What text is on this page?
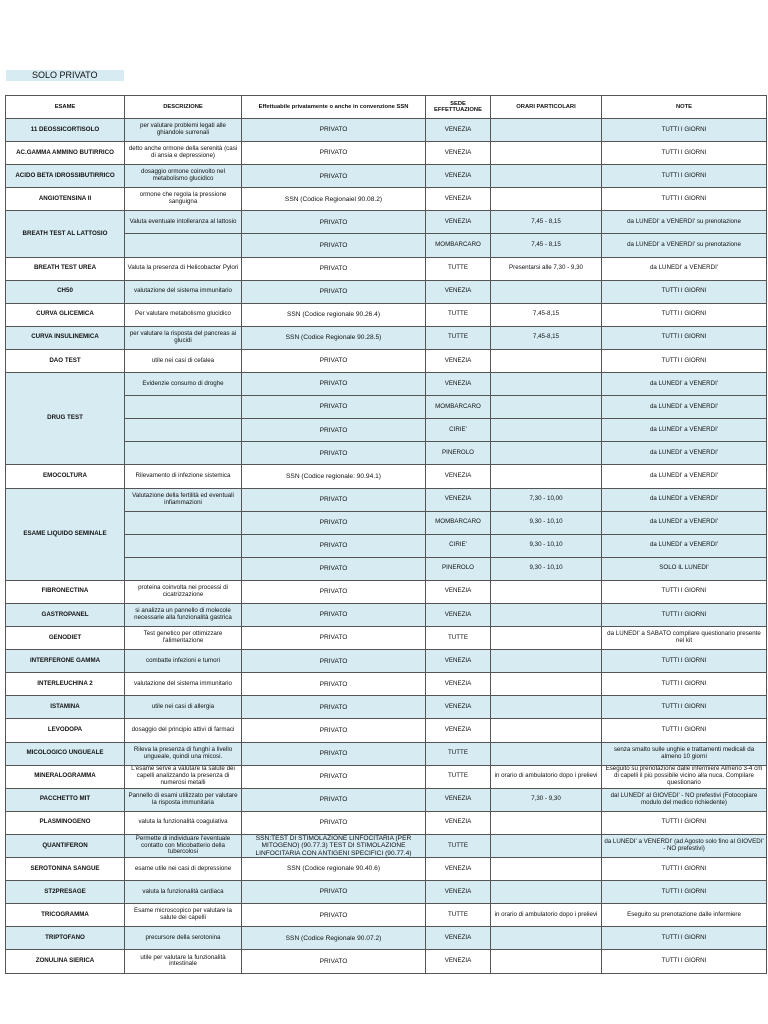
SOLO PRIVATO
ESAME	DESCRIZIONE	Effettuabile privatamente o anche in convenzione SSN	SEDE EFFETTUAZIONE	ORARI PARTICOLARI	NOTE
11 DEOSSICORTISOLO	per valutare problemi legati alle ghiandole surrenali	PRIVATO	VENEZIA		TUTTI I GIORNI
AC.GAMMA AMMINO BUTIRRICO	detto anche ormone della serenità (casi di ansia e depressione)	PRIVATO	VENEZIA		TUTTI I GIORNI
ACIDO BETA IDROSSIBUTIRRICO	dosaggio ormone coinvolto nel metabolismo glucidico	PRIVATO	VENEZIA		TUTTI I GIORNI
ANGIOTENSINA II	ormone che regola la pressione sanguigna	SSN (Codice Regionaiel 90.08.2)	VENEZIA		TUTTI I GIORNI
BREATH TEST AL LATTOSIO	Valuta eventuale intolleranza al lattosio	PRIVATO	VENEZIA	7,45 - 8,15	da LUNEDI' a VENERDI' su prenotazione
		PRIVATO	MOMBARCARO	7,45 - 8,15	da LUNEDI' a VENERDI' su prenotazione
BREATH TEST UREA	Valuta la presenza di Helicobacter Pylori	PRIVATO	TUTTE	Presentarsi alle 7,30 - 9,30	da LUNEDI' a VENERDI'
CH50	valutazione del sistema immunitario	PRIVATO	VENEZIA		TUTTI I GIORNI
CURVA GLICEMICA	Per valutare metabolismo glucidico	SSN (Codice regionale 90.26.4)	TUTTE	7,45-8,15	TUTTI I GIORNI
CURVA INSULINEMICA	per valutare la risposta del pancreas ai glucidi	SSN (Codice Regionale 90.28.5)	TUTTE	7,45-8,15	TUTTI I GIORNI
DAO TEST	utile nei casi di cefalea	PRIVATO	VENEZIA		TUTTI I GIORNI
DRUG TEST	Evidenzie consumo di droghe	PRIVATO	VENEZIA		da LUNEDI' a VENERDI'
		PRIVATO	MOMBARCARO		da LUNEDI' a VENERDI'
		PRIVATO	CIRIE'		da LUNEDI' a VENERDI'
		PRIVATO	PINEROLO		da LUNEDI' a VENERDI'
EMOCOLTURA	Rilevamento di infezione sistemica	SSN (Codice regionale: 90.94.1)	VENEZIA		da LUNEDI' a VENERDI'
ESAME LIQUIDO SEMINALE	Valutazione della fertilità ed eventuali infiammazioni	PRIVATO	VENEZIA	7,30 - 10,00	da LUNEDI' a VENERDI'
		PRIVATO	MOMBARCARO	9,30 - 10,10	da LUNEDI' a VENERDI'
		PRIVATO	CIRIE'	9,30 - 10,10	da LUNEDI' a VENERDI'
		PRIVATO	PINEROLO	9,30 - 10,10	SOLO IL LUNEDI'
FIBRONECTINA	proteina coinvolta nei processi di cicatrizzazione	PRIVATO	VENEZIA		TUTTI I GIORNI
GASTROPANEL	si analizza un pannello di molecole necessarie alla funzionalità gastrica	PRIVATO	VENEZIA		TUTTI I GIORNI
GENODIET	Test genetico per ottimizzare l'alimentazione	PRIVATO	TUTTE		da LUNEDI' a SABATO compilare questionario presente nel kit
INTERFERONE GAMMA	combatte infezioni e tumori	PRIVATO	VENEZIA		TUTTI I GIORNI
INTERLEUCHINA 2	valutazione del sistema immunitario	PRIVATO	VENEZIA		TUTTI I GIORNI
ISTAMINA	utile nei casi di allergia	PRIVATO	VENEZIA		TUTTI I GIORNI
LEVODOPA	dosaggio del principio attivi di farmaci	PRIVATO	VENEZIA		TUTTI I GIORNI
MICOLOGICO UNGUEALE	Rileva la presenza di funghi a livello ungueale, quindi una micosi.	PRIVATO	TUTTE		senza smalto sulle unghie e trattamenti medicali da almeno 10 giorni
MINERALOGRAMMA	L'esame serve a valutare la salute dei capelli analizzando la presenza di numerosi metalli	PRIVATO	TUTTE	in orario di ambulatorio dopo i prelievi	Eseguito su prenotazione dalle infermiere Almeno 3-4 cm di capelli il più possibile vicino alla nuca. Compilare questionario
PACCHETTO MIT	Pannello di esami utilizzato per valutare la risposta immunitaria	PRIVATO	VENEZIA	7,30 - 9,30	dal LUNEDI' al GIOVEDI' - NO prefestivi (Fotocopiare modulo del medico richiedente)
PLASMINOGENO	valuta la funzionalità coagulativa	PRIVATO	VENEZIA		TUTTI I GIORNI
QUANTIFERON	Permette di individuare l'eventuale contatto con Micobatterio della tubercolosi	SSN:TEST DI STIMOLAZIONE LINFOCITARIA (PER MITOGENO) (90.77.3) TEST DI STIMOLAZIONE LINFOCITARIA CON ANTIGENI SPECIFICI (90.77.4)	TUTTE		da LUNEDI' a VENERDI' (ad Agosto solo fino al GIOVEDI' - NO prefestivi)
SEROTONINA SANGUE	esame utile nei casi di depressione	SSN (Codice regionale 90.40.6)	VENEZIA		TUTTI I GIORNI
ST2PRESAGE	valuta la funzionalità cardiaca	PRIVATO	VENEZIA		TUTTI I GIORNI
TRICOGRAMMA	Esame microscopico per valutare la salute dei capelli	PRIVATO	TUTTE	in orario di ambulatorio dopo i prelievi	Eseguito su prenotazione dalle infermiere
TRIPTOFANO	precursore della serotonina	SSN (Codice Regionale 90.07.2)	VENEZIA		TUTTI I GIORNI
ZONULINA SIERICA	utile per valutare la funzionalità intestinale	PRIVATO	VENEZIA		TUTTI I GIORNI
